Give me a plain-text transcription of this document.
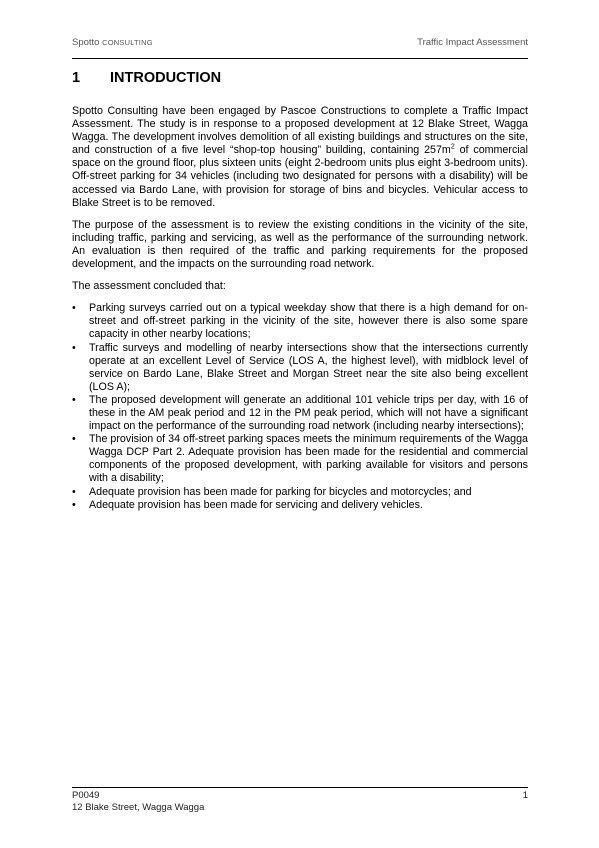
Spotto CONSULTING	Traffic Impact Assessment
1 INTRODUCTION

Spotto Consulting have been engaged by Pascoe Constructions to complete a Traffic Impact Assessment. The study is in response to a proposed development at 12 Blake Street, Wagga Wagga. The development involves demolition of all existing buildings and structures on the site, and construction of a five level “shop-top housing” building, containing $257m^2$ of commercial space on the ground floor, plus sixteen units (eight 2-bedroom units plus eight 3-bedroom units). Off-street parking for 34 vehicles (including two designated for persons with a disability) will be accessed via Bardo Lane, with provision for storage of bins and bicycles. Vehicular access to Blake Street is to be removed.

The purpose of the assessment is to review the existing conditions in the vicinity of the site, including traffic, parking and servicing, as well as the performance of the surrounding network. An evaluation is then required of the traffic and parking requirements for the proposed development, and the impacts on the surrounding road network.

The assessment concluded that:

• Parking surveys carried out on a typical weekday show that there is a high demand for on-street and off-street parking in the vicinity of the site, however there is also some spare capacity in other nearby locations;
• Traffic surveys and modelling of nearby intersections show that the intersections currently operate at an excellent Level of Service (LOS A, the highest level), with midblock level of service on Bardo Lane, Blake Street and Morgan Street near the site also being excellent (LOS A);
• The proposed development will generate an additional 101 vehicle trips per day, with 16 of these in the AM peak period and 12 in the PM peak period, which will not have a significant impact on the performance of the surrounding road network (including nearby intersections);
• The provision of 34 off-street parking spaces meets the minimum requirements of the Wagga Wagga DCP Part 2. Adequate provision has been made for the residential and commercial components of the proposed development, with parking available for visitors and persons with a disability;
• Adequate provision has been made for parking for bicycles and motorcycles; and
• Adequate provision has been made for servicing and delivery vehicles.
P0049
12 Blake Street, Wagga Wagga
1
